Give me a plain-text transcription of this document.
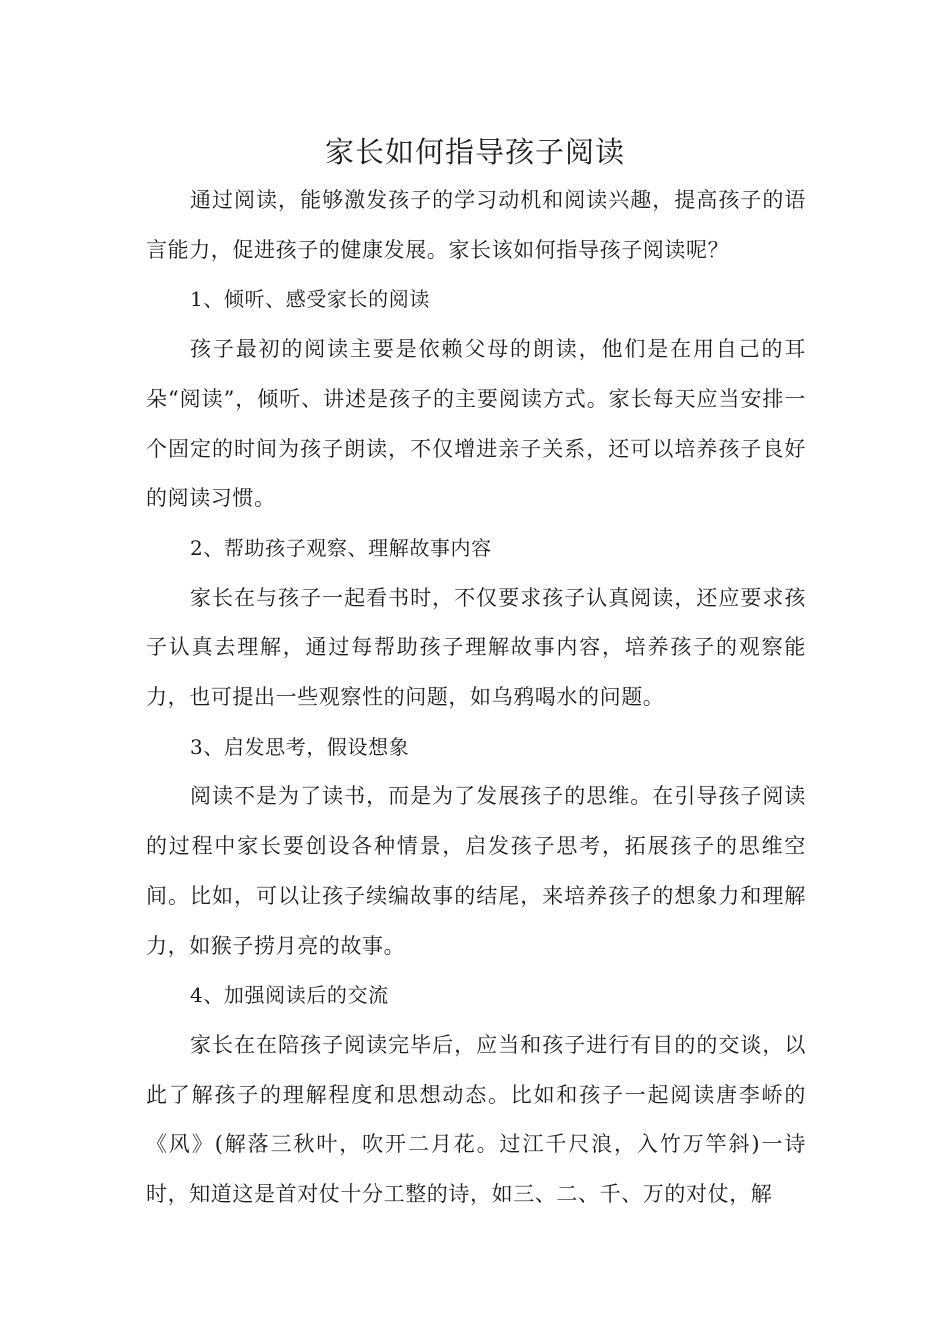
家长如何指导孩子阅读

通过阅读，能够激发孩子的学习动机和阅读兴趣，提高孩子的语言能力，促进孩子的健康发展。家长该如何指导孩子阅读呢？

1、倾听、感受家长的阅读

孩子最初的阅读主要是依赖父母的朗读，他们是在用自己的耳朵“阅读”，倾听、讲述是孩子的主要阅读方式。家长每天应当安排一个固定的时间为孩子朗读，不仅增进亲子关系，还可以培养孩子良好的阅读习惯。

2、帮助孩子观察、理解故事内容

家长在与孩子一起看书时，不仅要求孩子认真阅读，还应要求孩子认真去理解，通过每帮助孩子理解故事内容，培养孩子的观察能力，也可提出一些观察性的问题，如乌鸦喝水的问题。

3、启发思考，假设想象

阅读不是为了读书，而是为了发展孩子的思维。在引导孩子阅读的过程中家长要创设各种情景，启发孩子思考，拓展孩子的思维空间。比如，可以让孩子续编故事的结尾，来培养孩子的想象力和理解力，如猴子捞月亮的故事。

4、加强阅读后的交流

家长在在陪孩子阅读完毕后，应当和孩子进行有目的的交谈，以此了解孩子的理解程度和思想动态。比如和孩子一起阅读唐李峤的《风》(解落三秋叶，吹开二月花。过江千尺浪，入竹万竿斜)一诗时，知道这是首对仗十分工整的诗，如三、二、千、万的对仗，解
